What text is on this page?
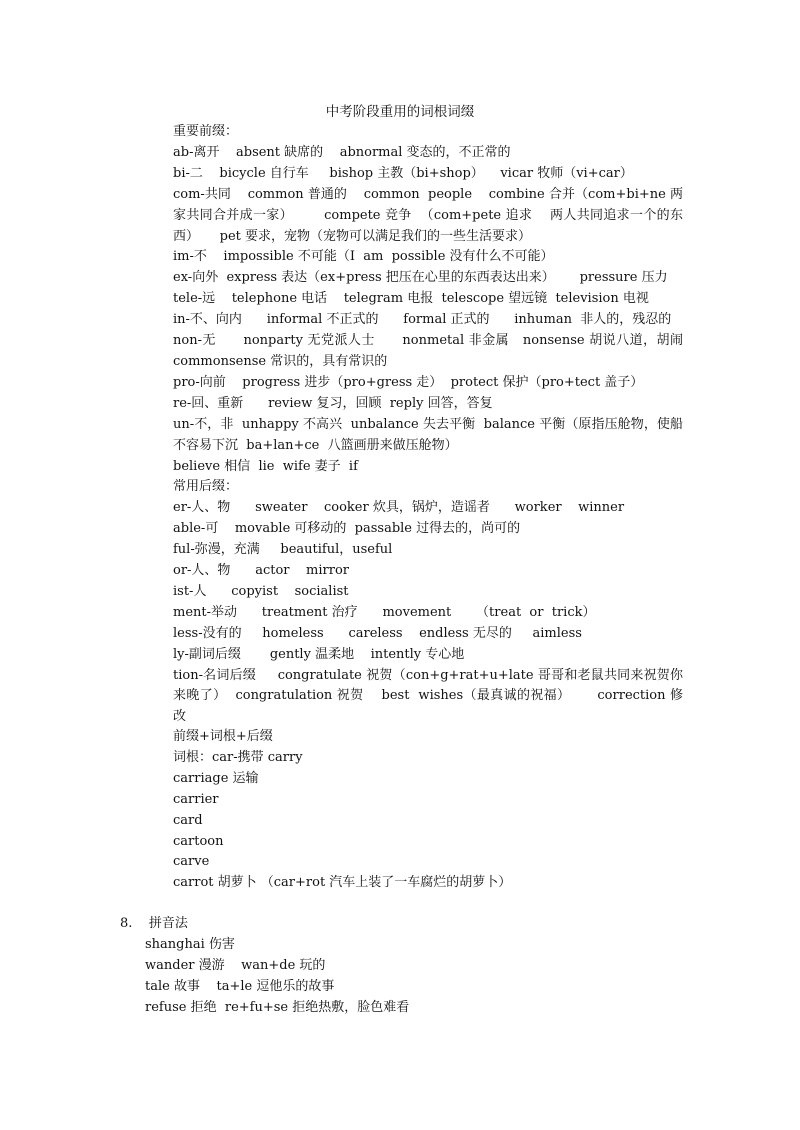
中考阶段重用的词根词缀
重要前缀：
ab-离开    absent 缺席的    abnormal 变态的，不正常的
bi-二    bicycle 自行车     bishop 主教（bi+shop）    vicar 牧师（vi+car）
com-共同    common 普通的    common  people    combine 合并（com+bi+ne 两家共同合并成一家）       compete 竞争  （com+pete 追求    两人共同追求一个的东西）     pet 要求，宠物（宠物可以满足我们的一些生活要求）
im-不    impossible 不可能（I  am  possible 没有什么不可能）
ex-向外  express 表达（ex+press 把压在心里的东西表达出来）      pressure 压力
tele-远    telephone 电话    telegram 电报  telescope 望远镜  television 电视
in-不、向内      informal 不正式的      formal 正式的      inhuman  非人的，残忍的
non-无      nonparty 无党派人士      nonmetal 非金属   nonsense 胡说八道，胡闹 commonsense 常识的，具有常识的
pro-向前    progress 进步（pro+gress 走）  protect 保护（pro+tect 盖子）
re-回、重新      review 复习，回顾  reply 回答，答复
un-不，非  unhappy 不高兴  unbalance 失去平衡  balance 平衡（原指压舱物，使船不容易下沉  ba+lan+ce  八篮画册来做压舱物）
believe 相信  lie  wife 妻子  if
常用后缀：
er-人、物      sweater    cooker 炊具，锅炉，造谣者      worker    winner
able-可    movable 可移动的  passable 过得去的，尚可的
ful-弥漫，充满     beautiful，useful
or-人、物      actor    mirror
ist-人      copyist    socialist
ment-举动      treatment 治疗      movement      （treat  or  trick）
less-没有的     homeless      careless    endless 无尽的     aimless
ly-副词后缀       gently 温柔地    intently 专心地
tion-名词后缀     congratulate 祝贺（con+g+rat+u+late 哥哥和老鼠共同来祝贺你来晚了）  congratulation 祝贺    best  wishes（最真诚的祝福）      correction 修改
前缀+词根+后缀
词根：car-携带 carry
carriage 运输
carrier
card
cartoon
carve
carrot 胡萝卜 （car+rot 汽车上装了一车腐烂的胡萝卜）
8.    拼音法
shanghai 伤害
wander 漫游    wan+de 玩的
tale 故事    ta+le 逗他乐的故事
refuse 拒绝  re+fu+se 拒绝热敷，脸色难看
